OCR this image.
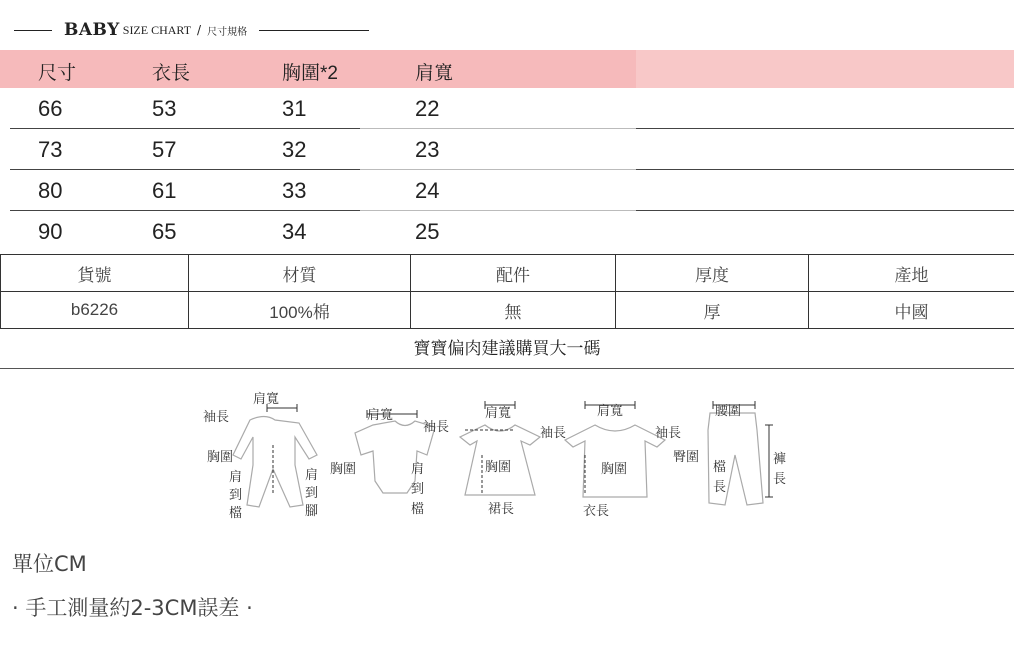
BABY SIZE CHART / 尺寸規格
尺寸	衣長	胸圍*2	肩寬
66	53	31	22
73	57	32	23
80	61	33	24
90	65	34	25
貨號	材質	配件	厚度	產地
b6226	100%棉	無	厚	中國
寶寶偏肉建議購買大一碼
肩寬
袖長
胸圍
肩
到
檔
肩
到
腳
肩寬
袖長
胸圍	肩
到
檔
肩寬
袖長
胸圍
裙長
肩寬
袖長
胸圍
衣長
腰圍
臀圍
檔
長
褲
長
單位CM
· 手工測量約2-3CM誤差 ·
